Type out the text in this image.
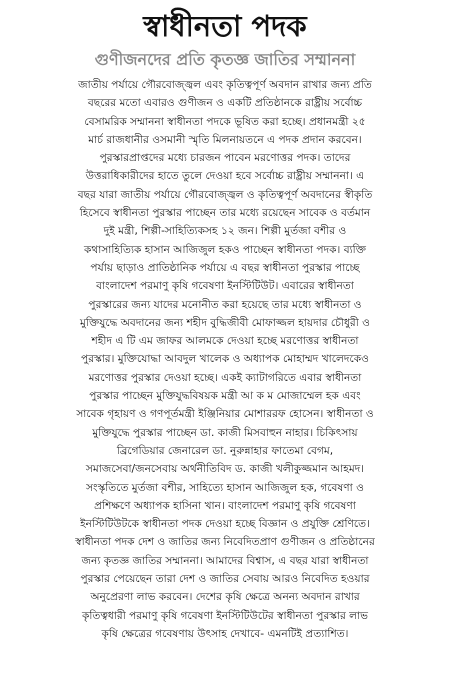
স্বাধীনতা পদক
গুণীজনদের প্রতি কৃতজ্ঞ জাতির সম্মাননা
জাতীয় পর্যায়ে গৌরবোজ্জ্বল এবং কৃতিত্বপূর্ণ অবদান রাখার জন্য প্রতি
বছরের মতো এবারও গুণীজন ও একটি প্রতিষ্ঠানকে রাষ্ট্রীয় সর্বোচ্চ
বেসামরিক সম্মাননা স্বাধীনতা পদকে ভূষিত করা হচ্ছে। প্রধানমন্ত্রী ২৫
মার্চ রাজধানীর ওসমানী স্মৃতি মিলনায়তনে এ পদক প্রদান করবেন।
পুরস্কারপ্রাপ্তদের মধ্যে চারজন পাবেন মরণোত্তর পদক। তাদের
উত্তরাধিকারীদের হাতে তুলে দেওয়া হবে সর্বোচ্চ রাষ্ট্রীয় সম্মাননা। এ
বছর যারা জাতীয় পর্যায়ে গৌরবোজ্জ্বল ও কৃতিত্বপূর্ণ অবদানের স্বীকৃতি
হিসেবে স্বাধীনতা পুরস্কার পাচ্ছেন তার মধ্যে রয়েছেন সাবেক ও বর্তমান
দুই মন্ত্রী, শিল্পী-সাহিত্যিকসহ ১২ জন। শিল্পী মুর্তজা বশীর ও
কথাসাহিত্যিক হাসান আজিজুল হকও পাচ্ছেন স্বাধীনতা পদক। ব্যক্তি
পর্যায় ছাড়াও প্রাতিষ্ঠানিক পর্যায়ে এ বছর স্বাধীনতা পুরস্কার পাচ্ছে
বাংলাদেশ পরমাণু কৃষি গবেষণা ইনস্টিটিউট। এবারের স্বাধীনতা
পুরস্কারের জন্য যাদের মনোনীত করা হয়েছে তার মধ্যে স্বাধীনতা ও
মুক্তিযুদ্ধে অবদানের জন্য শহীদ বুদ্ধিজীবী মোফাজ্জল হায়দার চৌধুরী ও
শহীদ এ টি এম জাফর আলমকে দেওয়া হচ্ছে মরণোত্তর স্বাধীনতা
পুরস্কার। মুক্তিযোদ্ধা আবদুল খালেক ও অধ্যাপক মোহাম্মদ খালেদকেও
মরণোত্তর পুরস্কার দেওয়া হচ্ছে। একই ক্যাটাগরিতে এবার স্বাধীনতা
পুরস্কার পাচ্ছেন মুক্তিযুদ্ধবিষয়ক মন্ত্রী আ ক ম মোজাম্মেল হক এবং
সাবেক গৃহায়ণ ও গণপূর্তমন্ত্রী ইঞ্জিনিয়ার মোশাররফ হোসেন। স্বাধীনতা ও
মুক্তিযুদ্ধে পুরস্কার পাচ্ছেন ডা. কাজী মিসবাহুন নাহার। চিকিৎসায়
ব্রিগেডিয়ার জেনারেল ডা. নুরুন্নাহার ফাতেমা বেগম,
সমাজসেবা/জনসেবায় অর্থনীতিবিদ ড. কাজী খলীকুজ্জমান আহমদ।
সংস্কৃতিতে মুর্তজা বশীর, সাহিত্যে হাসান আজিজুল হক, গবেষণা ও
প্রশিক্ষণে অধ্যাপক হাসিনা খান। বাংলাদেশ পরমাণু কৃষি গবেষণা
ইনস্টিটিউটকে স্বাধীনতা পদক দেওয়া হচ্ছে বিজ্ঞান ও প্রযুক্তি শ্রেণিতে।
স্বাধীনতা পদক দেশ ও জাতির জন্য নিবেদিতপ্রাণ গুণীজন ও প্রতিষ্ঠানের
জন্য কৃতজ্ঞ জাতির সম্মাননা। আমাদের বিশ্বাস, এ বছর যারা স্বাধীনতা
পুরস্কার পেয়েছেন তারা দেশ ও জাতির সেবায় আরও নিবেদিত হওয়ার
অনুপ্রেরণা লাভ করবেন। দেশের কৃষি ক্ষেত্রে অনন্য অবদান রাখার
কৃতিত্বধারী পরমাণু কৃষি গবেষণা ইনস্টিটিউটের স্বাধীনতা পুরস্কার লাভ
কৃষি ক্ষেত্রের গবেষণায় উৎসাহ দেখাবে- এমনটিই প্রত্যাশিত।
